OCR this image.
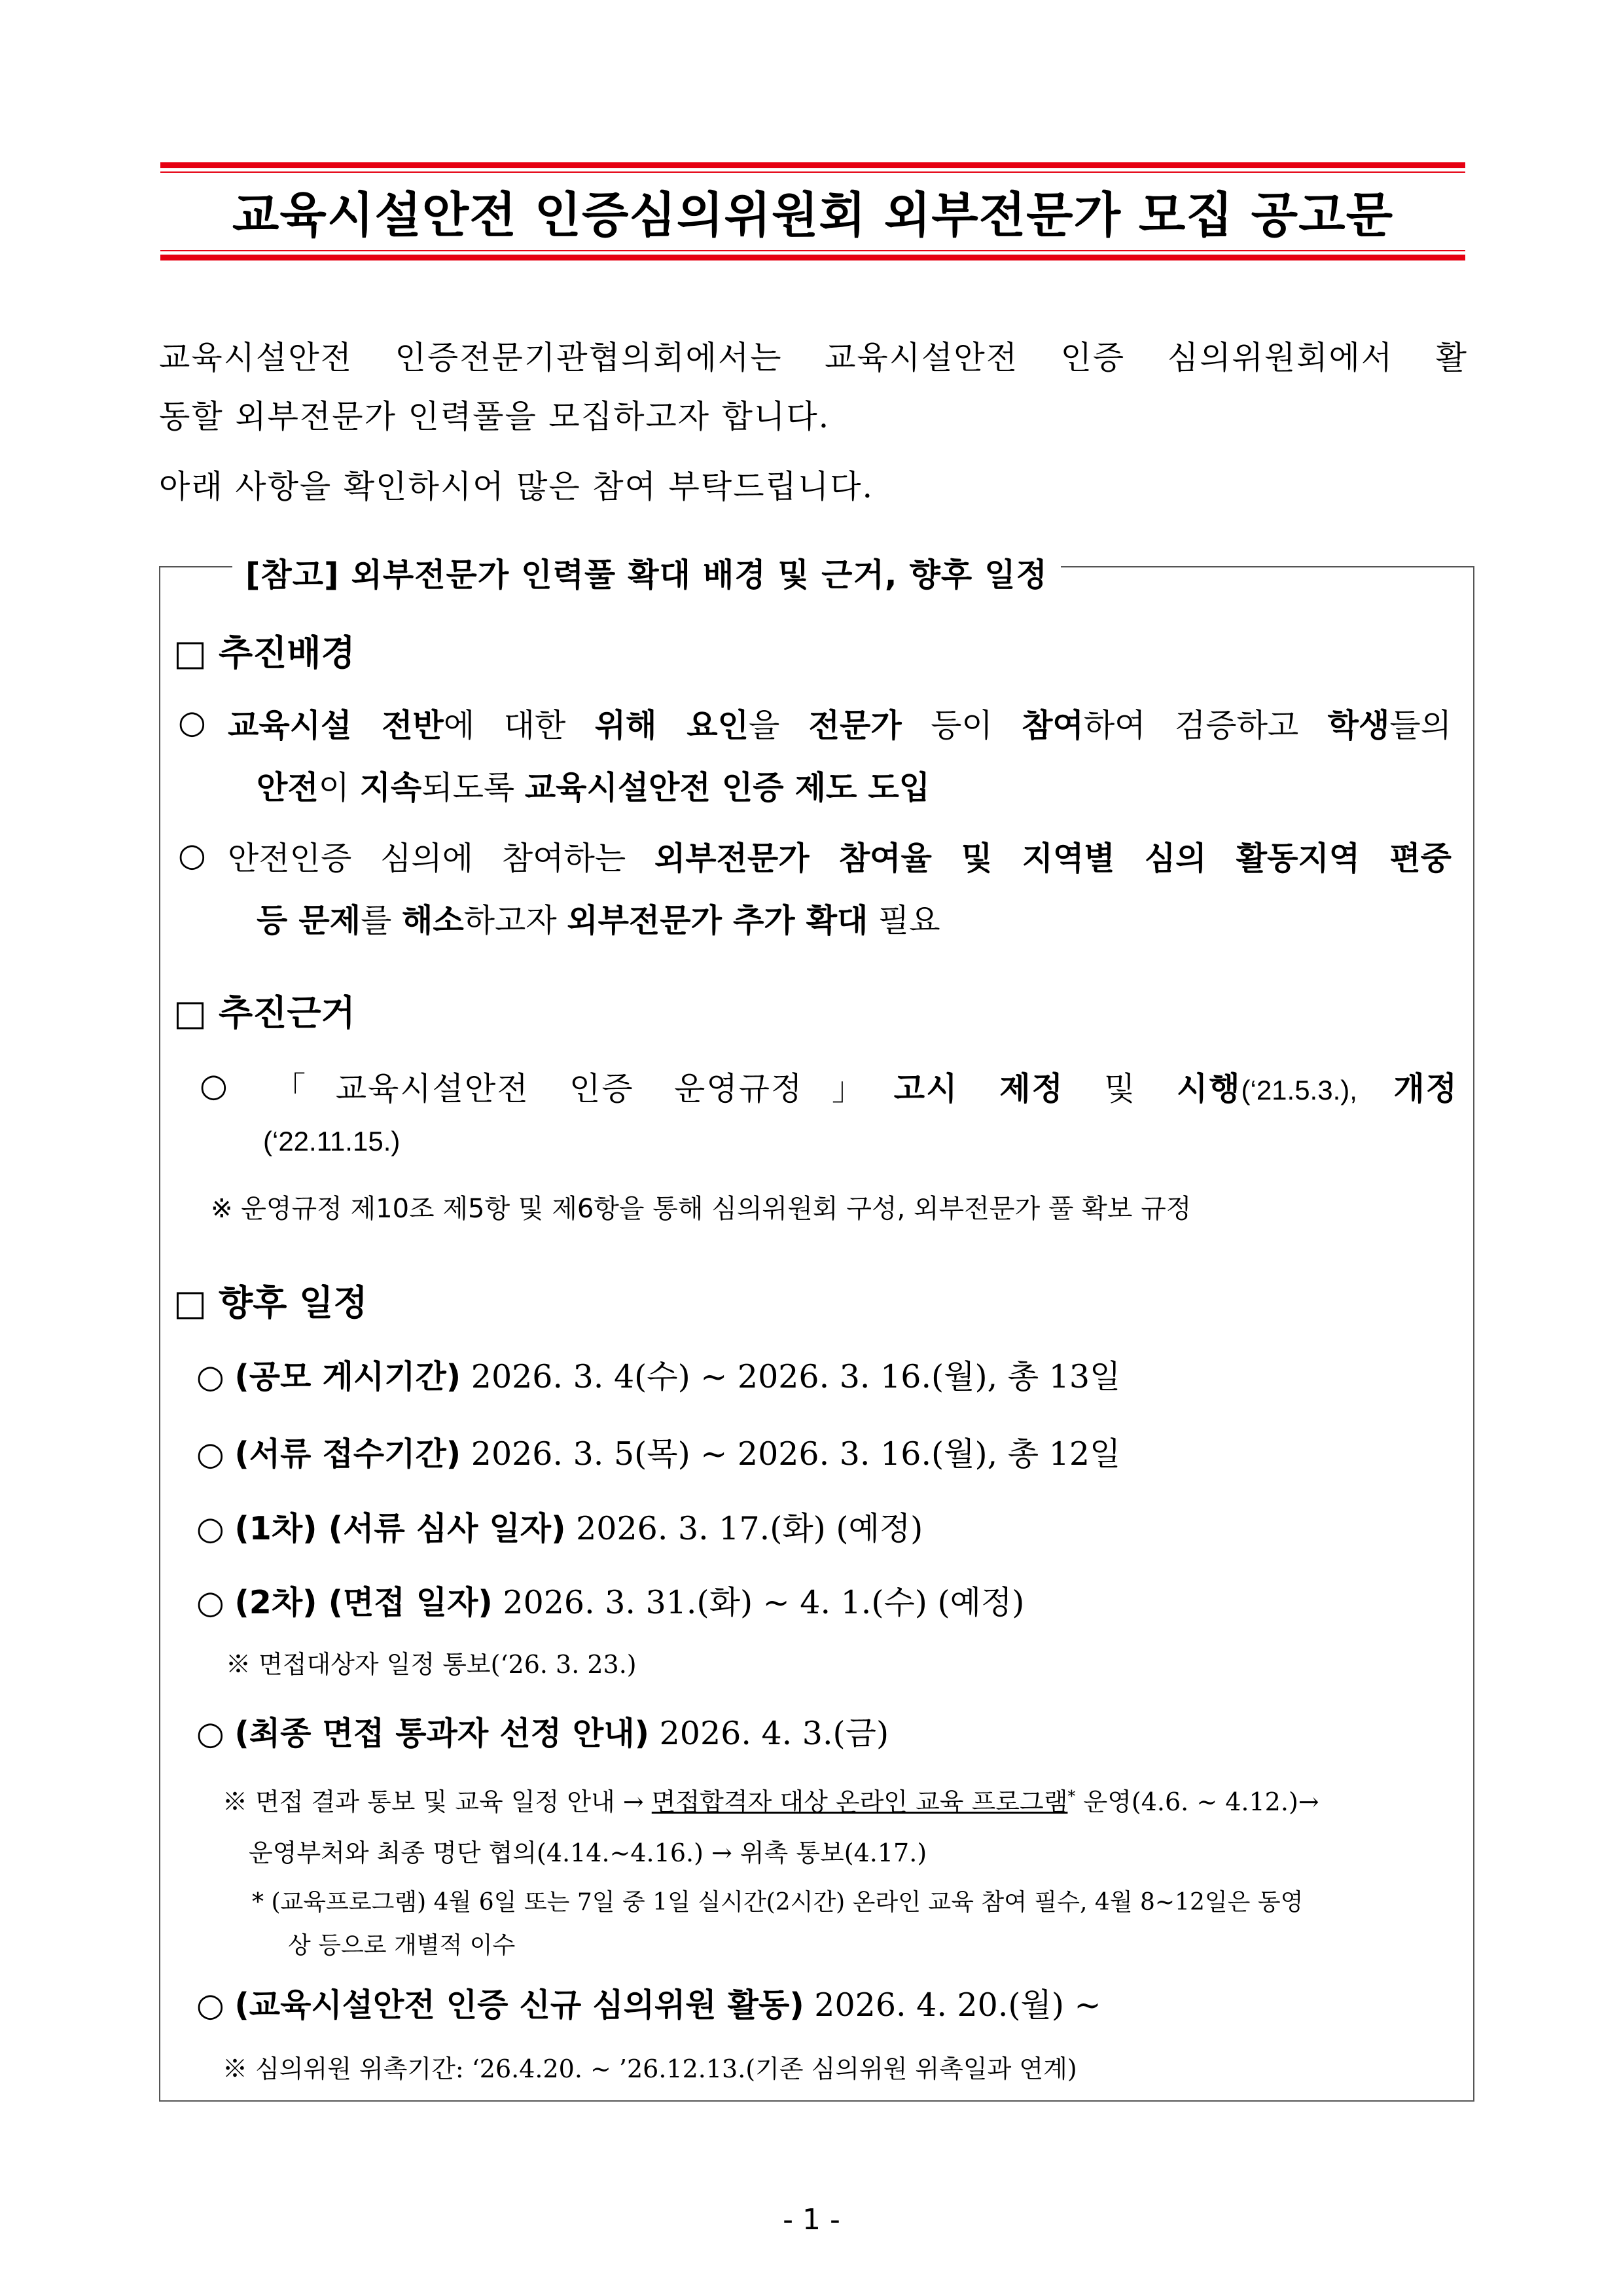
교육시설안전 인증심의위원회 외부전문가 모집 공고문
교육시설안전 인증전문기관협의회에서는 교육시설안전 인증 심의위원회에서 활
동할 외부전문가 인력풀을 모집하고자 합니다.
아래 사항을 확인하시어 많은 참여 부탁드립니다.
[참고] 외부전문가 인력풀 확대 배경 및 근거, 향후 일정
□ 추진배경
○ 교육시설 전반에 대한 위해 요인을 전문가 등이 참여하여 검증하고 학생들의
안전이 지속되도록 교육시설안전 인증 제도 도입
○ 안전인증 심의에 참여하는 외부전문가 참여율 및 지역별 심의 활동지역 편중
등 문제를 해소하고자 외부전문가 추가 확대 필요
□ 추진근거
○ 「교육시설안전 인증 운영규정」고시 제정 및 시행(‘21.5.3.), 개정
(‘22.11.15.)
※ 운영규정 제10조 제5항 및 제6항을 통해 심의위원회 구성, 외부전문가 풀 확보 규정
□ 향후 일정
○ (공모 게시기간) 2026. 3. 4(수) ~ 2026. 3. 16.(월), 총 13일
○ (서류 접수기간) 2026. 3. 5(목) ~ 2026. 3. 16.(월), 총 12일
○ (1차) (서류 심사 일자) 2026. 3. 17.(화) (예정)
○ (2차) (면접 일자) 2026. 3. 31.(화) ~ 4. 1.(수) (예정)
※ 면접대상자 일정 통보(‘26. 3. 23.)
○ (최종 면접 통과자 선정 안내) 2026. 4. 3.(금)
※ 면접 결과 통보 및 교육 일정 안내 → 면접합격자 대상 온라인 교육 프로그램* 운영(4.6. ~ 4.12.)→
운영부처와 최종 명단 협의(4.14.~4.16.) → 위촉 통보(4.17.)
* (교육프로그램) 4월 6일 또는 7일 중 1일 실시간(2시간) 온라인 교육 참여 필수, 4월 8~12일은 동영
상 등으로 개별적 이수
○ (교육시설안전 인증 신규 심의위원 활동) 2026. 4. 20.(월) ~
※ 심의위원 위촉기간: ‘26.4.20. ~ ’26.12.13.(기존 심의위원 위촉일과 연계)
- 1 -
